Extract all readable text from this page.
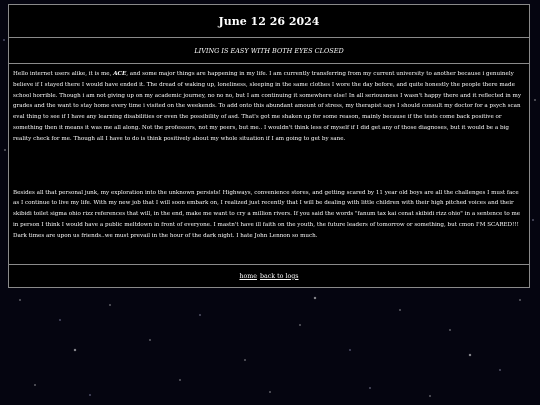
June 12 26 2024

LIVING IS EASY WITH BOTH EYES CLOSED

Hello internet users alike, it is me, ACE, and some major things are happening in my life. I am currently transferring from my current university to another because i genuinely believe if I stayed there I would have ended it. The dread of waking up, loneliness, sleeping in the same clothes I wore the day before, and quite honestly the people there made school horrible. Though i am not giving up on my academic journey, no no no, but I am continuing it somewhere else! In all seriousness I wasn't happy there and it reflected in my grades and the want to stay home every time i visited on the weekends. To add onto this abundant amount of stress, my therapist says I should consult my doctor for a psych scan eval thing to see if I have any learning disabilities or even the possibility of asd. That's got me shaken up for some reason, mainly because if the tests come back positive or something then it means it was me all along. Not the professors, not my peers, but me.. I wouldn't think less of myself if I did get any of those diagnoses, but it would be a big reality check for me. Though all I have to do is think positively about my whole situation if I am going to get by sane.

Besides all that personal junk, my exploration into the unknown persists! Highways, convenience stores, and getting scared by 11 year old boys are all the challenges I must face as I continue to live my life. With my new job that I will soon embark on, I realized just recently that I will be dealing with little children with their high pitched voices and their skibidi toilet sigma ohio rizz references that will, in the end, make me want to cry a million rivers. If you said the words "fanum tax kai cenat skibidi rizz ohio" in a sentence to me in person I think I would have a public meltdown in front of everyone. I mastn't have ill faith on the youth, the future leaders of tomorrow or something, but cmon I'M SCARED!!! Dark times are upon us friends..we must prevail in the hour of the dark night. I hate John Lennon so much.

home back to logs
